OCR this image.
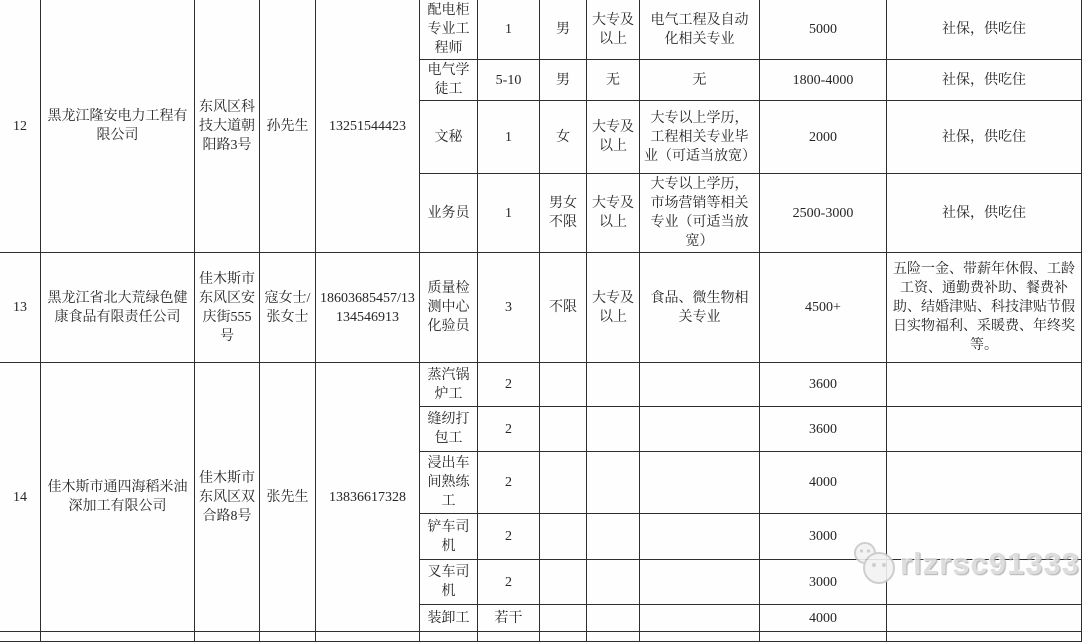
12	黑龙江隆安电力工程有限公司	东风区科技大道朝阳路3号	孙先生	13251544423	配电柜专业工程师	1	男	大专及以上	电气工程及自动化相关专业	5000	社保，供吃住
					电气学徒工	5-10	男	无	无	1800-4000	社保，供吃住
					文秘	1	女	大专及以上	大专以上学历，工程相关专业毕业（可适当放宽）	2000	社保，供吃住
					业务员	1	男女不限	大专及以上	大专以上学历，市场营销等相关专业（可适当放宽）	2500-3000	社保，供吃住
13	黑龙江省北大荒绿色健康食品有限责任公司	佳木斯市东风区安庆街555号	寇女士/张女士	18603685457/13134546913	质量检测中心化验员	3	不限	大专及以上	食品、微生物相关专业	4500+	五险一金、带薪年休假、工龄工资、通勤费补助、餐费补助、结婚津贴、科技津贴节假日实物福利、采暖费、年终奖等。
14	佳木斯市通四海稻米油深加工有限公司	佳木斯市东风区双合路8号	张先生	13836617328	蒸汽锅炉工	2				3600	
					缝纫打包工	2				3600	
					浸出车间熟练工	2				4000	
					铲车司机	2				3000	
					叉车司机	2				3000	
					装卸工	若干				4000	

rlzrsc91333
